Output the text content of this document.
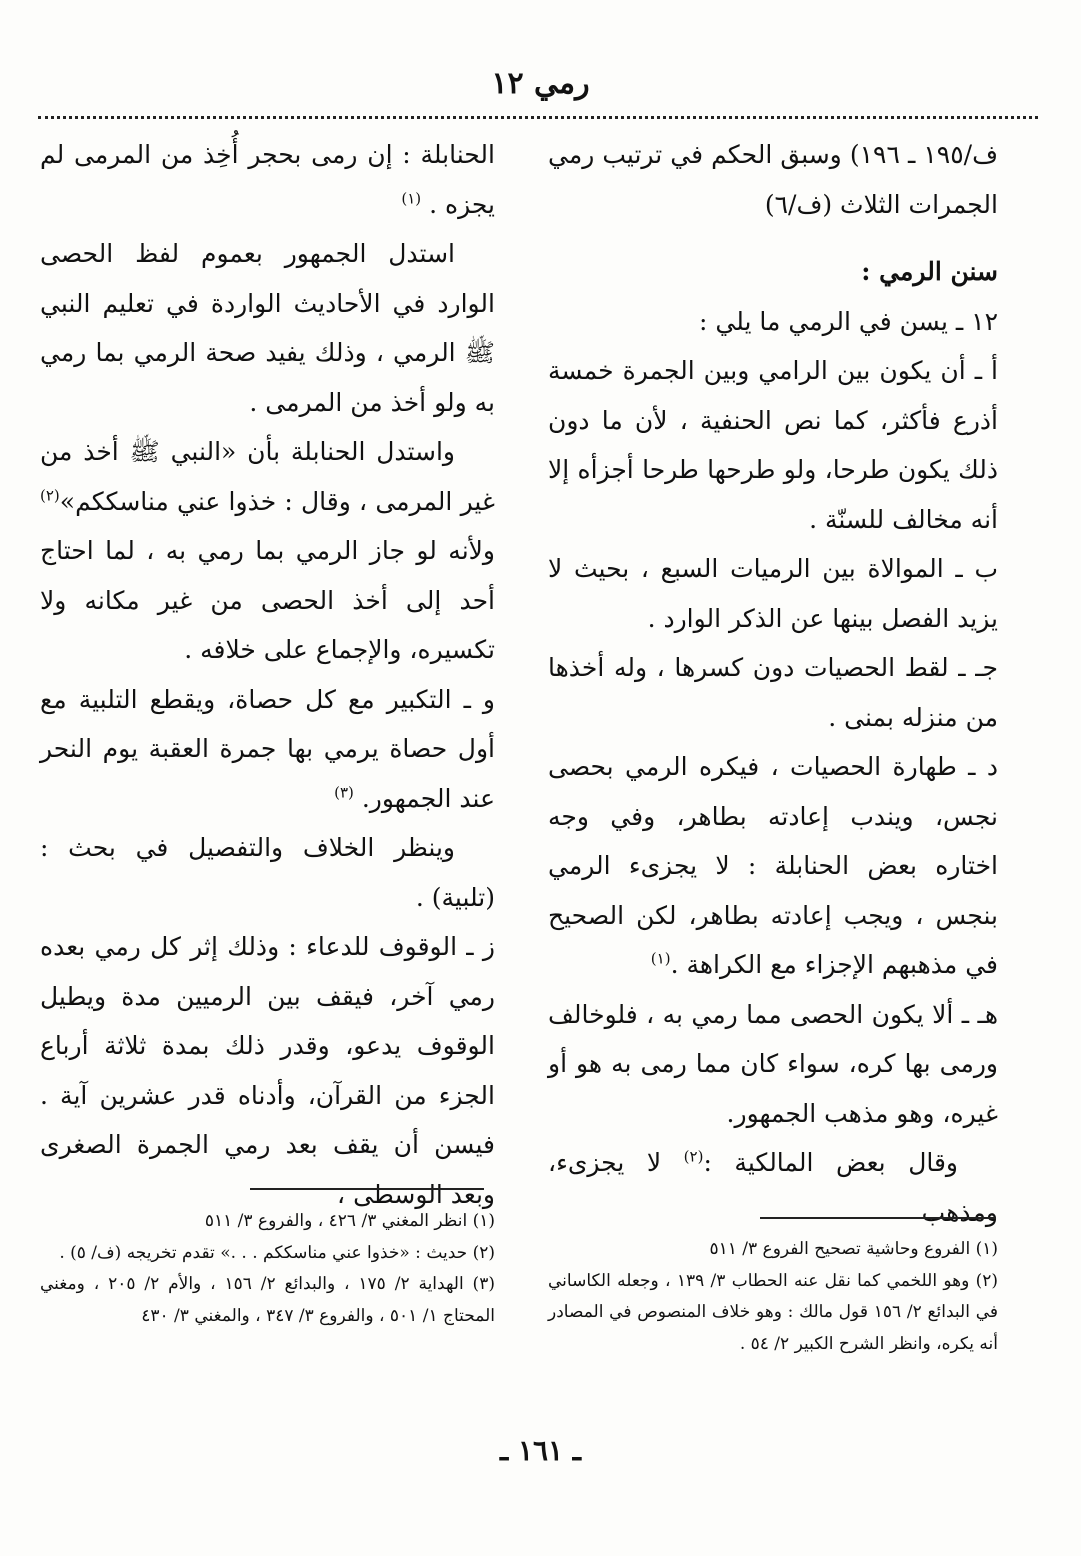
رمي ١٢

ف/١٩٥ ـ ١٩٦) وسبق الحكم في ترتيب رمي الجمرات الثلاث (ف/٦)

سنن الرمي :

١٢ ـ يسن في الرمي ما يلي :

أ ـ أن يكون بين الرامي وبين الجمرة خمسة أذرع فأكثر، كما نص الحنفية ، لأن ما دون ذلك يكون طرحا، ولو طرحها طرحا أجزأه إلا أنه مخالف للسنّة .

ب ـ الموالاة بين الرميات السبع ، بحيث لا يزيد الفصل بينها عن الذكر الوارد .

جـ ـ لقط الحصيات دون كسرها ، وله أخذها من منزله بمنى .

د ـ طهارة الحصيات ، فيكره الرمي بحصى نجس، ويندب إعادته بطاهر، وفي وجه اختاره بعض الحنابلة : لا يجزىء الرمي بنجس ، ويجب إعادته بطاهر، لكن الصحيح في مذهبهم الإجزاء مع الكراهة .$^{(١)}$

هـ ـ ألا يكون الحصى مما رمي به ، فلوخالف ورمى بها كره، سواء كان مما رمى به هو أو غيره، وهو مذهب الجمهور.

وقال بعض المالكية :$^{(٢)}$ لا يجزىء، ومذهب

الحنابلة : إن رمى بحجر أُخِذ من المرمى لم يجزه . $^{(١)}$

استدل الجمهور بعموم لفظ الحصى الوارد في الأحاديث الواردة في تعليم النبي ﷺ الرمي ، وذلك يفيد صحة الرمي بما رمي به ولو أخذ من المرمى .

واستدل الحنابلة بأن «النبي ﷺ أخذ من غير المرمى ، وقال : خذوا عني مناسككم»$^{(٢)}$ ولأنه لو جاز الرمي بما رمي به ، لما احتاج أحد إلى أخذ الحصى من غير مكانه ولا تكسيره، والإجماع على خلافه .

و ـ التكبير مع كل حصاة، ويقطع التلبية مع أول حصاة يرمي بها جمرة العقبة يوم النحر عند الجمهور. $^{(٣)}$

وينظر الخلاف والتفصيل في بحث : (تلبية) .

ز ـ الوقوف للدعاء : وذلك إثر كل رمي بعده رمي آخر، فيقف بين الرميين مدة ويطيل الوقوف يدعو، وقدر ذلك بمدة ثلاثة أرباع الجزء من القرآن، وأدناه قدر عشرين آية . فيسن أن يقف بعد رمي الجمرة الصغرى وبعد الوسطى ،

(١) الفروع وحاشية تصحيح الفروع ٣/ ٥١١

(٢) وهو اللخمي كما نقل عنه الحطاب ٣/ ١٣٩ ، وجعله الكاساني في البدائع ٢/ ١٥٦ قول مالك : وهو خلاف المنصوص في المصادر أنه يكره، وانظر الشرح الكبير ٢/ ٥٤ .

(١) انظر المغني ٣/ ٤٢٦ ، والفروع ٣/ ٥١١

(٢) حديث : «خذوا عني مناسككم . . .» تقدم تخريجه (ف/ ٥) .

(٣) الهداية ٢/ ١٧٥ ، والبدائع ٢/ ١٥٦ ، والأم ٢/ ٢٠٥ ، ومغني المحتاج ١/ ٥٠١ ، والفروع ٣/ ٣٤٧ ، والمغني ٣/ ٤٣٠

ـ ١٦١ ـ
